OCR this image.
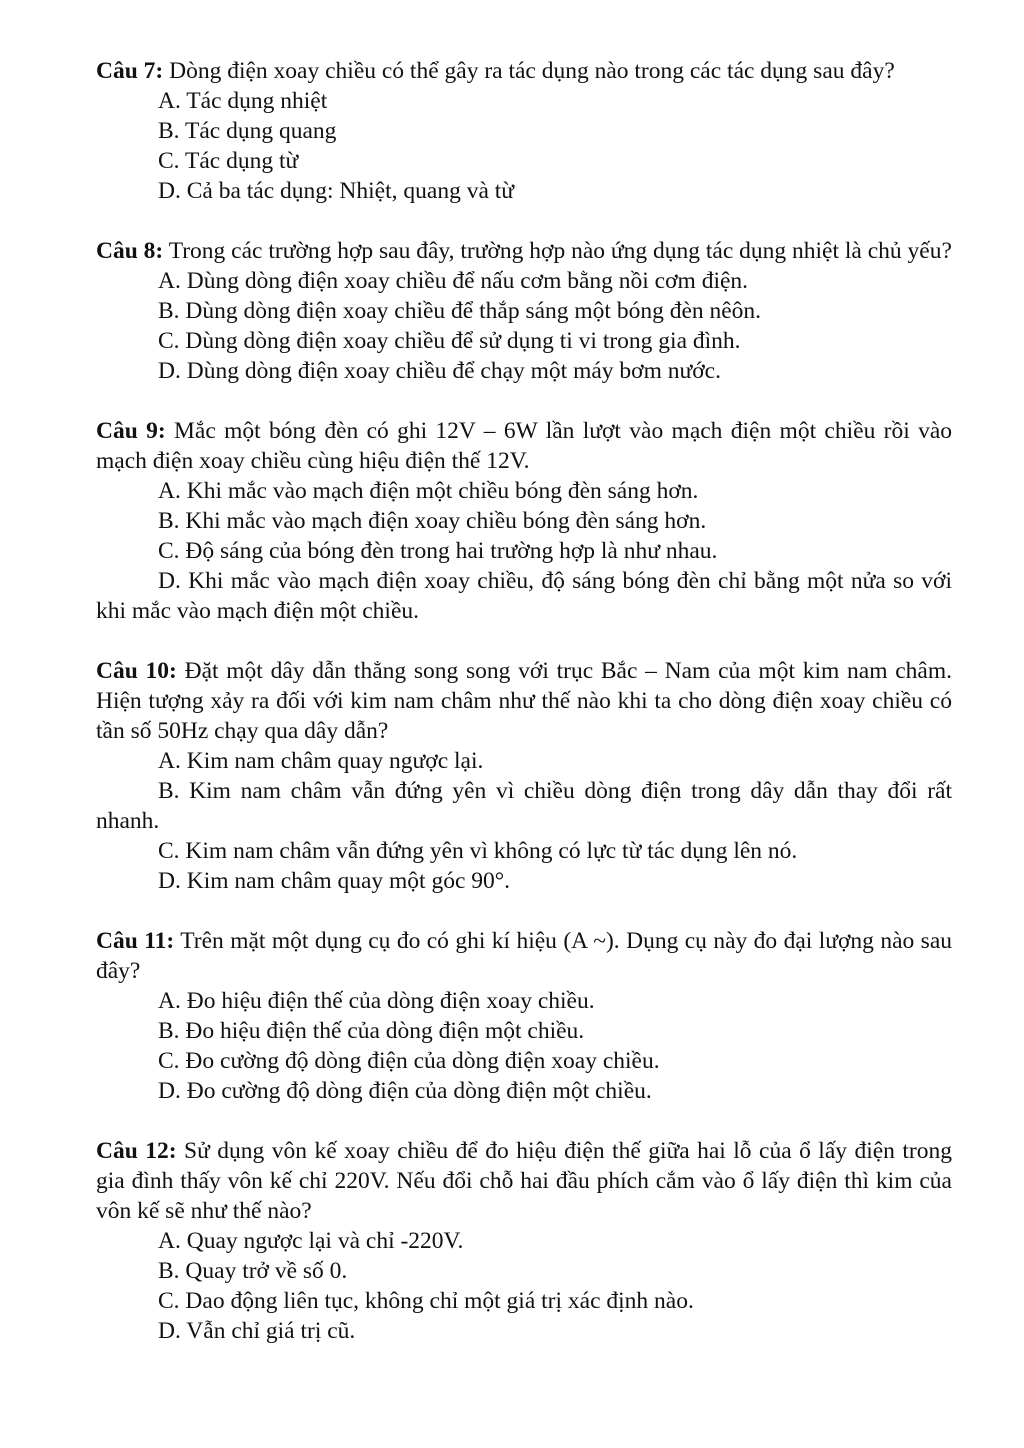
Câu 7: Dòng điện xoay chiều có thể gây ra tác dụng nào trong các tác dụng sau đây?

A. Tác dụng nhiệt

B. Tác dụng quang

C. Tác dụng từ

D. Cả ba tác dụng: Nhiệt, quang và từ

Câu 8: Trong các trường hợp sau đây, trường hợp nào ứng dụng tác dụng nhiệt là chủ yếu?

A. Dùng dòng điện xoay chiều để nấu cơm bằng nồi cơm điện.

B. Dùng dòng điện xoay chiều để thắp sáng một bóng đèn nêôn.

C. Dùng dòng điện xoay chiều để sử dụng ti vi trong gia đình.

D. Dùng dòng điện xoay chiều để chạy một máy bơm nước.

Câu 9: Mắc một bóng đèn có ghi 12V – 6W lần lượt vào mạch điện một chiều rồi vào mạch điện xoay chiều cùng hiệu điện thế 12V.

A. Khi mắc vào mạch điện một chiều bóng đèn sáng hơn.

B. Khi mắc vào mạch điện xoay chiều bóng đèn sáng hơn.

C. Độ sáng của bóng đèn trong hai trường hợp là như nhau.

D. Khi mắc vào mạch điện xoay chiều, độ sáng bóng đèn chỉ bằng một nửa so với khi mắc vào mạch điện một chiều.

Câu 10: Đặt một dây dẫn thẳng song song với trục Bắc – Nam của một kim nam châm. Hiện tượng xảy ra đối với kim nam châm như thế nào khi ta cho dòng điện xoay chiều có tần số 50Hz chạy qua dây dẫn?

A. Kim nam châm quay ngược lại.

B. Kim nam châm vẫn đứng yên vì chiều dòng điện trong dây dẫn thay đổi rất nhanh.

C. Kim nam châm vẫn đứng yên vì không có lực từ tác dụng lên nó.

D. Kim nam châm quay một góc 90°.

Câu 11: Trên mặt một dụng cụ đo có ghi kí hiệu (A ~). Dụng cụ này đo đại lượng nào sau đây?

A. Đo hiệu điện thế của dòng điện xoay chiều.

B. Đo hiệu điện thế của dòng điện một chiều.

C. Đo cường độ dòng điện của dòng điện xoay chiều.

D. Đo cường độ dòng điện của dòng điện một chiều.

Câu 12: Sử dụng vôn kế xoay chiều để đo hiệu điện thế giữa hai lỗ của ổ lấy điện trong gia đình thấy vôn kế chỉ 220V. Nếu đổi chỗ hai đầu phích cắm vào ổ lấy điện thì kim của vôn kế sẽ như thế nào?

A. Quay ngược lại và chỉ -220V.

B. Quay trở về số 0.

C. Dao động liên tục, không chỉ một giá trị xác định nào.

D. Vẫn chỉ giá trị cũ.
